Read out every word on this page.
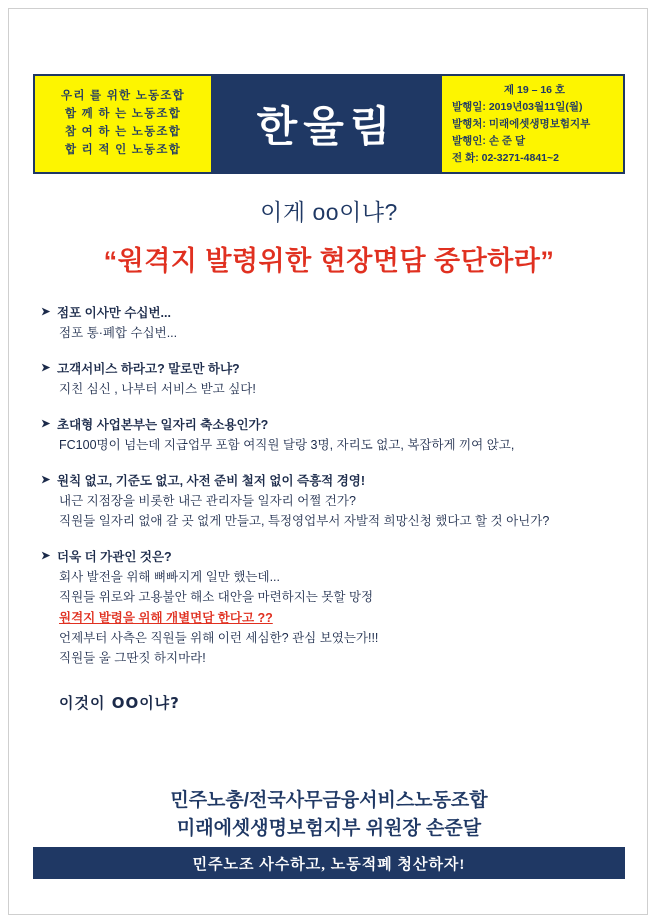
우리 를 위한 노동조합
함 께 하 는 노동조합
참 여 하 는 노동조합
합 리 적 인 노동조합 한울림
제 19 – 16 호
발행일: 2019년03월11일(월)
발행처: 미래에셋생명보험지부
발행인: 손 준 달
전 화: 02-3271-4841~2
이게 oo이냐?
“원격지 발령위한 현장면담 중단하라”
➤ 점포 이사만 수십번...
점포 통·폐합 수십번...
➤ 고객서비스 하라고? 말로만 하냐?
지친 심신 , 나부터 서비스 받고 싶다!
➤ 초대형 사업본부는 일자리 축소용인가?
FC100명이 넘는데 지급업무 포함 여직원 달랑 3명, 자리도 없고, 복잡하게 끼여 앉고,
➤ 원칙 없고, 기준도 없고, 사전 준비 철저 없이 즉흥적 경영!
내근 지점장을 비롯한 내근 관리자들 일자리 어쩔 건가?
직원들 일자리 없애 갈 곳 없게 만들고, 특정영업부서 자발적 희망신청 했다고 할 것 아닌가?
➤ 더욱 더 가관인 것은?
회사 발전을 위해 뼈빠지게 일만 했는데...
직원들 위로와 고용불안 해소 대안을 마련하지는 못할 망정
원격지 발령을 위해 개별면담 한다고 ??
언제부터 사측은 직원들 위해 이런 세심한? 관심 보였는가!!!
직원들 울 그딴짓 하지마라!
이것이 OO이냐?
민주노총/전국사무금융서비스노동조합
미래에셋생명보험지부 위원장 손준달
민주노조 사수하고, 노동적폐 청산하자!
